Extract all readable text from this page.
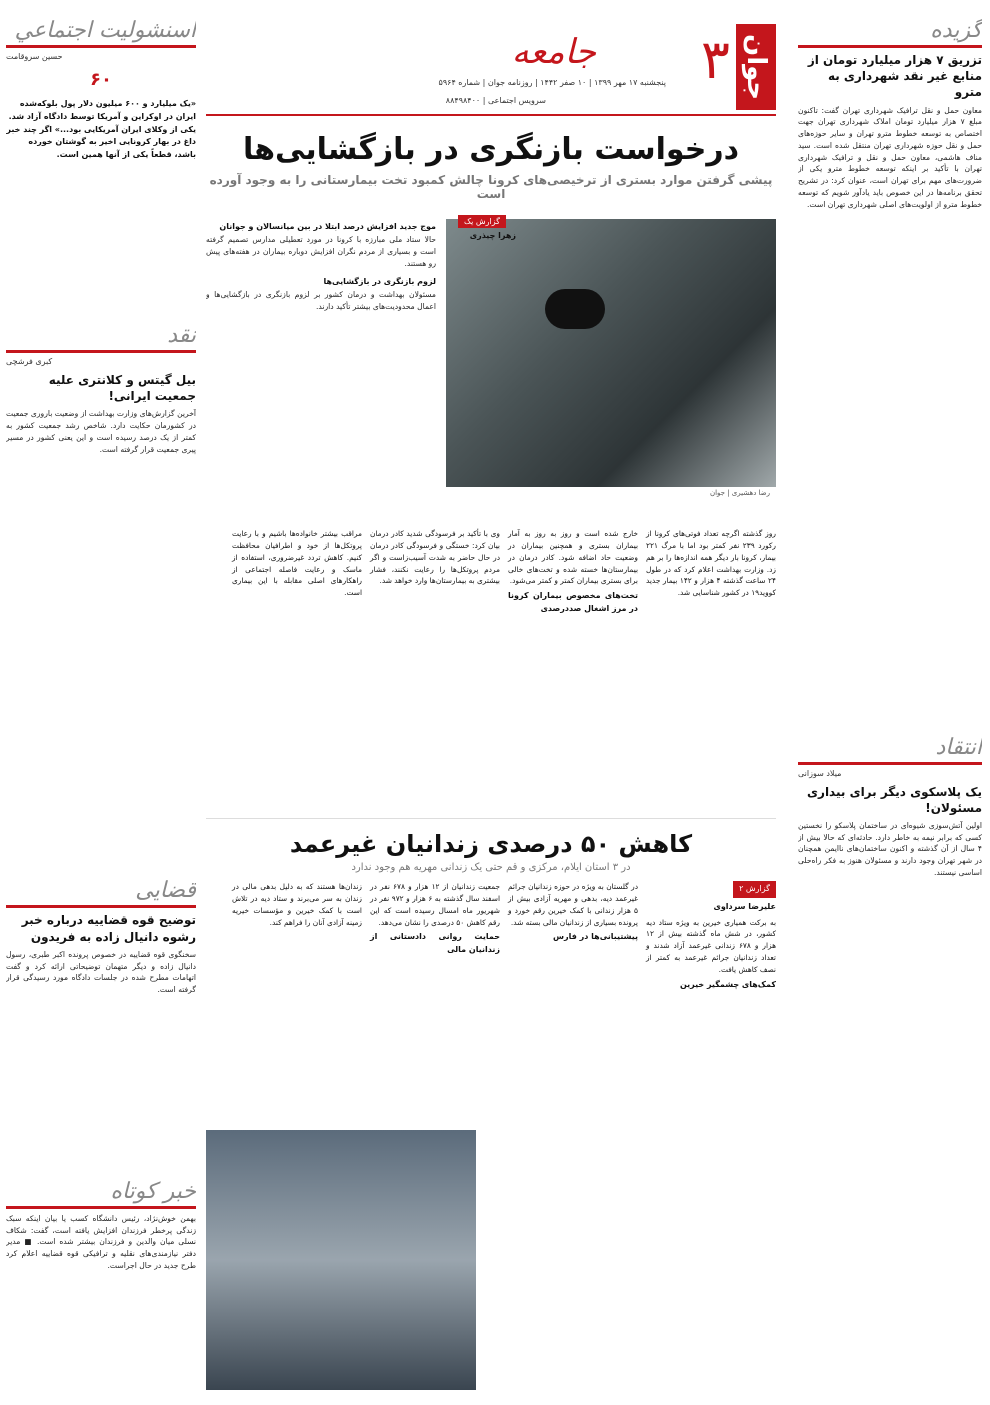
گزیده
تزریق ۷ هزار میلیارد تومان از منابع غیر نقد شهرداری به مترو
معاون حمل و نقل ترافیک شهرداری تهران گفت: تاکنون مبلغ ۷ هزار میلیارد تومان املاک شهرداری تهران جهت اختصاص به توسعه خطوط مترو تهران و سایر حوزه‌های حمل و نقل حوزه شهرداری تهران منتقل شده است. سید مناف هاشمی، معاون حمل و نقل و ترافیک شهرداری تهران با تأکید بر اینکه توسعه خطوط مترو یکی از ضرورت‌های مهم برای تهران است، عنوان کرد: در تشریح تحقق برنامه‌ها در این خصوص باید یادآور شویم که توسعه خطوط مترو از اولویت‌های اصلی شهرداری تهران است.
انتقاد
میلاد سوزانی
یک پلاسکوی دیگر برای بیداری مسئولان!
اولین آتش‌سوزی شیوه‌ای در ساختمان پلاسکو را نخستین کسی که برابر نیمه به خاطر دارد. حادثه‌ای که حالا بیش از ۴ سال از آن گذشته و اکنون ساختمان‌های ناایمن همچنان در شهر تهران وجود دارند و مسئولان هنوز به فکر راه‌حلی اساسی نیستند.
جوان
۳
جامعه
پنجشنبه ۱۷ مهر ۱۳۹۹ | ۱۰ صفر ۱۴۴۲ | روزنامه جوان | شماره ۵۹۶۴
سرویس اجتماعی | ۸۸۴۹۸۴۰۰
درخواست بازنگری در بازگشایی‌ها
پیشی گرفتن موارد بستری از ترخیصی‌های کرونا چالش کمبود تخت بیمارستانی را به وجود آورده است
گزارش یک
زهرا چیذری
رضا دهشیری | جوان
موج جدید افزایش درصد ابتلا در بین میانسالان و جوانان
حالا ستاد ملی مبارزه با کرونا در مورد تعطیلی مدارس تصمیم گرفته است و بسیاری از مردم نگران افزایش دوباره بیماران در هفته‌های پیش رو هستند.
لزوم بازنگری در بازگشایی‌ها
مسئولان بهداشت و درمان کشور بر لزوم بازنگری در بازگشایی‌ها و اعمال محدودیت‌های بیشتر تأکید دارند.
روز گذشته اگرچه تعداد فوتی‌های کرونا از رکورد ۲۳۹ نفر کمتر بود اما با مرگ ۲۲۱ بیمار، کرونا بار دیگر همه اندازه‌ها را بر هم زد. وزارت بهداشت اعلام کرد که در طول ۲۴ ساعت گذشته ۴ هزار و ۱۴۲ بیمار جدید کووید۱۹ در کشور شناسایی شد.
خارج شده است و روز به روز به آمار بیماران بستری و همچنین بیماران در وضعیت حاد اضافه شود. کادر درمان در بیمارستان‌ها خسته شده و تخت‌های خالی برای بستری بیماران کمتر و کمتر می‌شود.
تخت‌های مخصوص بیماران کرونا در مرز اشغال صددرصدی
وی با تأکید بر فرسودگی شدید کادر درمان بیان کرد: خستگی و فرسودگی کادر درمان در حال حاضر به شدت آسیب‌زاست و اگر مردم پروتکل‌ها را رعایت نکنند، فشار بیشتری به بیمارستان‌ها وارد خواهد شد.
مراقب بیشتر خانواده‌ها باشیم و با رعایت پروتکل‌ها از خود و اطرافیان محافظت کنیم. کاهش تردد غیرضروری، استفاده از ماسک و رعایت فاصله اجتماعی از راهکارهای اصلی مقابله با این بیماری است.
کاهش ۵۰ درصدی زندانیان غیرعمد
در ۳ استان ایلام، مرکزی و قم حتی یک زندانی مهریه هم وجود ندارد
گزارش ۲
علیرضا سرداوی
به برکت همیاری خیرین به ویژه ستاد دیه کشور، در شش ماه گذشته بیش از ۱۲ هزار و ۶۷۸ زندانی غیرعمد آزاد شدند و تعداد زندانیان جرائم غیرعمد به کمتر از نصف کاهش یافت.
کمک‌های چشمگیر خیرین
در گلستان به ویژه در حوزه زندانیان جرائم غیرعمد دیه، بدهی و مهریه آزادی بیش از ۵ هزار زندانی با کمک خیرین رقم خورد و پرونده بسیاری از زندانیان مالی بسته شد.
پیشتیبانی‌ها در فارس
جمعیت زندانیان از ۱۲ هزار و ۶۷۸ نفر در اسفند سال گذشته به ۶ هزار و ۹۷۲ نفر در شهریور ماه امسال رسیده است که این رقم کاهش ۵۰ درصدی را نشان می‌دهد.
حمایت روانی دادستانی از زندانیان مالی
زندان‌ها هستند که به دلیل بدهی مالی در زندان به سر می‌برند و ستاد دیه در تلاش است با کمک خیرین و مؤسسات خیریه زمینه آزادی آنان را فراهم کند.
اسنشوليت اجتماعي
حسین سروقامت
۶۰
«یک میلیارد و ۶۰۰ میلیون دلار پول بلوکه‌شده ایران در اوکراین و آمریکا توسط دادگاه آزاد شد. یکی از وکلای ایران آمریکایی بود...» اگر چند خبر داغ در بهار کرونایی اخیر به گوشتان خورده باشد، قطعاً یکی از آنها همین است.
نقد
کبری فرشچی
بیل گیتس و کلانتری علیه جمعیت ایرانی!
آخرین گزارش‌های وزارت بهداشت از وضعیت باروری جمعیت در کشورمان حکایت دارد. شاخص رشد جمعیت کشور به کمتر از یک درصد رسیده است و این یعنی کشور در مسیر پیری جمعیت قرار گرفته است.
قضایی
توضیح قوه قضاییه درباره خبر رشوه دانیال زاده به فریدون
سخنگوی قوه قضاییه در خصوص پرونده اکبر طبری، رسول دانیال زاده و دیگر متهمان توضیحاتی ارائه کرد و گفت اتهامات مطرح شده در جلسات دادگاه مورد رسیدگی قرار گرفته است.
خبر کوتاه
بهمن خوش‌نژاد، رئیس دانشگاه کسب یا بیان اینکه سبک زندگی پرخطر فرزندان افزایش یافته است، گفت: شکاف نسلی میان والدین و فرزندان بیشتر شده است. ■ مدیر دفتر نیازمندی‌های نقلیه و ترافیکی قوه قضاییه اعلام کرد طرح جدید در حال اجراست.
